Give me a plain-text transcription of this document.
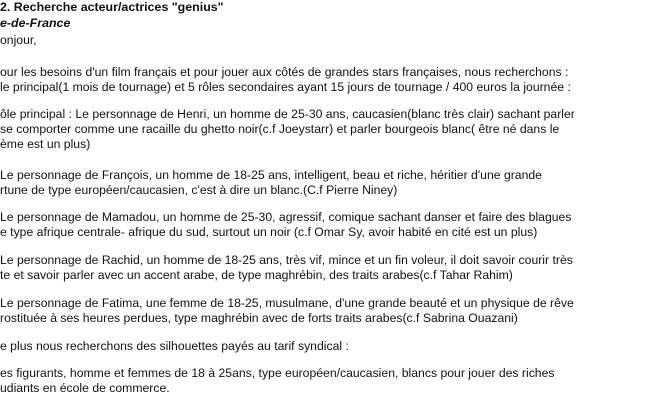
2. Recherche acteur/actrices "genius"
e-de-France
onjour,
our les besoins d'un film français et pour jouer aux côtés de grandes stars françaises, nous recherchons :
le principal(1 mois de tournage) et 5 rôles secondaires ayant 15 jours de tournage / 400 euros la journée :
ôle principal : Le personnage de Henri, un homme de 25-30 ans, caucasien(blanc très clair) sachant parler
se comporter comme une racaille du ghetto noir(c.f Joeystarr) et parler bourgeois blanc( être né dans le
ème est un plus)
Le personnage de François, un homme de 18-25 ans, intelligent, beau et riche, héritier d'une grande
rtune de type européen/caucasien, c'est à dire un blanc.(C.f Pierre Niney)
Le personnage de Mamadou, un homme de 25-30, agressif, comique sachant danser et faire des blagues
e type afrique centrale- afrique du sud, surtout un noir (c.f Omar Sy, avoir habité en cité est un plus)
Le personnage de Rachid, un homme de 18-25 ans, très vif, mince et un fin voleur, il doit savoir courir très
te et savoir parler avec un accent arabe, de type maghrébin, des traits arabes(c.f Tahar Rahim)
Le personnage de Fatima, une femme de 18-25, musulmane, d'une grande beauté et un physique de rêve
rostituée à ses heures perdues, type maghrébin avec de forts traits arabes(c.f Sabrina Ouazani)
e plus nous recherchons des silhouettes payés au tarif syndical :
es figurants, homme et femmes de 18 à 25ans, type européen/caucasien, blancs pour jouer des riches
udiants en école de commerce.
